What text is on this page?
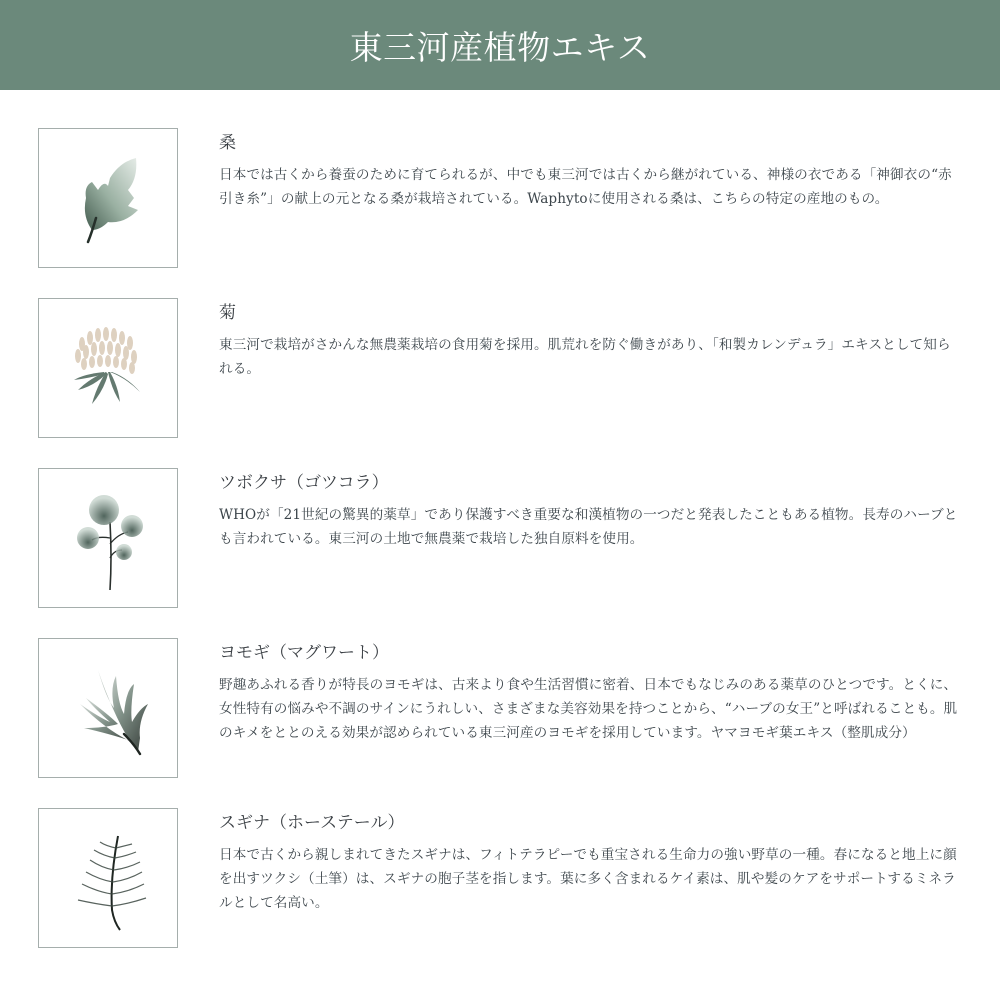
東三河産植物エキス
桑
日本では古くから養蚕のために育てられるが、中でも東三河では古くから継がれている、神様の衣である「神御衣の“赤引き糸”」の献上の元となる桑が栽培されている。Waphytoに使用される桑は、こちらの特定の産地のもの。
菊
東三河で栽培がさかんな無農薬栽培の食用菊を採用。肌荒れを防ぐ働きがあり、「和製カレンデュラ」エキスとして知られる。
ツボクサ（ゴツコラ）
WHOが「21世紀の驚異的薬草」であり保護すべき重要な和漢植物の一つだと発表したこともある植物。長寿のハーブとも言われている。東三河の土地で無農薬で栽培した独自原料を使用。
ヨモギ（マグワート）
野趣あふれる香りが特長のヨモギは、古来より食や生活習慣に密着、日本でもなじみのある薬草のひとつです。とくに、女性特有の悩みや不調のサインにうれしい、さまざまな美容効果を持つことから、“ハーブの女王”と呼ばれることも。肌のキメをととのえる効果が認められている東三河産のヨモギを採用しています。ヤマヨモギ葉エキス（整肌成分）
スギナ（ホーステール）
日本で古くから親しまれてきたスギナは、フィトテラピーでも重宝される生命力の強い野草の一種。春になると地上に顔を出すツクシ（土筆）は、スギナの胞子茎を指します。葉に多く含まれるケイ素は、肌や髪のケアをサポートするミネラルとして名高い。
